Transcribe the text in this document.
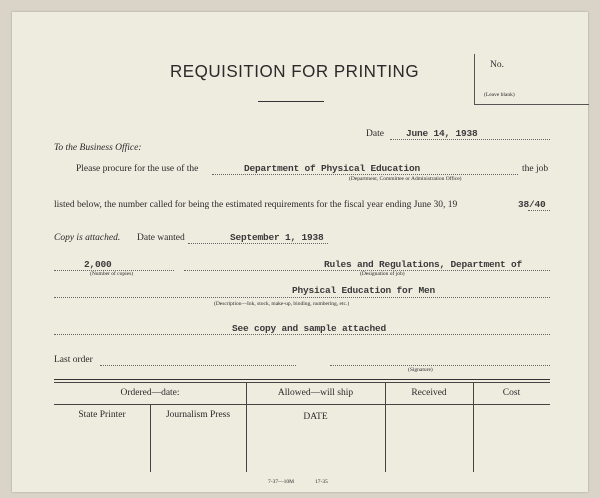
REQUISITION FOR PRINTING	No.
(Leave blank)
Date June 14, 1938
To the Business Office:
Please procure for the use of the	Department of Physical Education
(Department, Committee or Administration Office)
the job
listed below, the number called for being the estimated requirements for the fiscal year ending June 30, 19	38/40
Copy is attached. Date wanted	September 1, 1938
2,000
(Number of copies)
Rules and Regulations, Department of
(Designation of job)
Physical Education for Men
(Description—Ink, stock, make-up, binding, numbering, etc.)
See copy and sample attached
Last order
(Signature)
Ordered—date:	Allowed—will ship	Received	Cost
State Printer	Journalism Press	DATE
7-37—10M	17-35
